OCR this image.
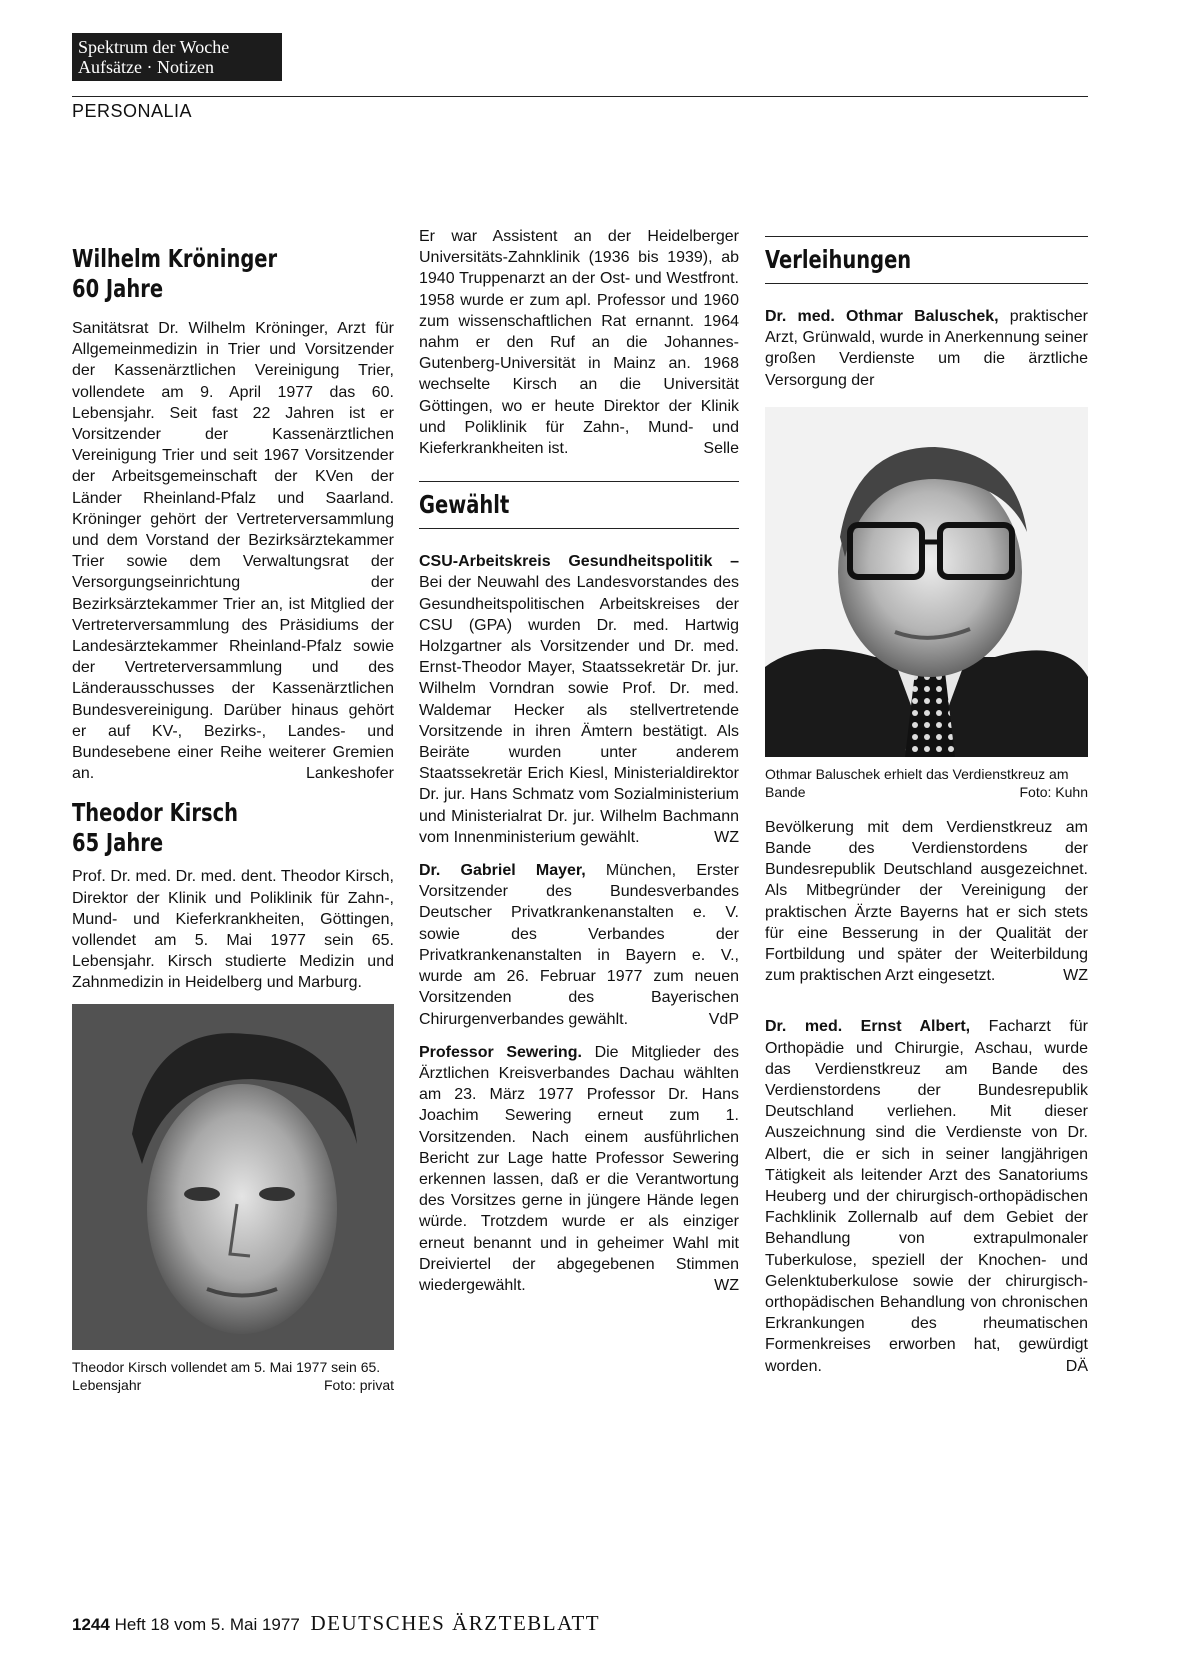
Spektrum der Woche
Aufsätze · Notizen
PERSONALIA
Wilhelm Kröninger
60 Jahre

Sanitätsrat Dr. Wilhelm Kröninger, Arzt für Allgemeinmedizin in Trier und Vorsitzender der Kassenärztlichen Vereinigung Trier, vollendete am 9. April 1977 das 60. Lebensjahr. Seit fast 22 Jahren ist er Vorsitzender der Kassenärztlichen Vereinigung Trier und seit 1967 Vorsitzender der Arbeitsgemeinschaft der KVen der Länder Rheinland-Pfalz und Saarland. Kröninger gehört der Vertreterversammlung und dem Vorstand der Bezirksärztekammer Trier sowie dem Verwaltungsrat der Versorgungseinrichtung der Bezirksärztekammer Trier an, ist Mitglied der Vertreterversammlung des Präsidiums der Landesärztekammer Rheinland-Pfalz sowie der Vertreterversammlung und des Länderausschusses der Kassenärztlichen Bundesvereinigung. Darüber hinaus gehört er auf KV-, Bezirks-, Landes- und Bundesebene einer Reihe weiterer Gremien an.	Lankeshofer

Theodor Kirsch
65 Jahre

Prof. Dr. med. Dr. med. dent. Theodor Kirsch, Direktor der Klinik und Poliklinik für Zahn-, Mund- und Kieferkrankheiten, Göttingen, vollendet am 5. Mai 1977 sein 65. Lebensjahr. Kirsch studierte Medizin und Zahnmedizin in Heidelberg und Marburg.

Theodor Kirsch vollendet am 5. Mai 1977 sein 65. Lebensjahr	Foto: privat

Er war Assistent an der Heidelberger Universitäts-Zahnklinik (1936 bis 1939), ab 1940 Truppenarzt an der Ost- und Westfront. 1958 wurde er zum apl. Professor und 1960 zum wissenschaftlichen Rat ernannt. 1964 nahm er den Ruf an die Johannes-Gutenberg-Universität in Mainz an. 1968 wechselte Kirsch an die Universität Göttingen, wo er heute Direktor der Klinik und Poliklinik für Zahn-, Mund- und Kieferkrankheiten ist.	Selle

Gewählt

CSU-Arbeitskreis Gesundheitspolitik – Bei der Neuwahl des Landesvorstandes des Gesundheitspolitischen Arbeitskreises der CSU (GPA) wurden Dr. med. Hartwig Holzgartner als Vorsitzender und Dr. med. Ernst-Theodor Mayer, Staatssekretär Dr. jur. Wilhelm Vorndran sowie Prof. Dr. med. Waldemar Hecker als stellvertretende Vorsitzende in ihren Ämtern bestätigt. Als Beiräte wurden unter anderem Staatssekretär Erich Kiesl, Ministerialdirektor Dr. jur. Hans Schmatz vom Sozialministerium und Ministerialrat Dr. jur. Wilhelm Bachmann vom Innenministerium gewählt.	WZ

Dr. Gabriel Mayer, München, Erster Vorsitzender des Bundesverbandes Deutscher Privatkrankenanstalten e. V. sowie des Verbandes der Privatkrankenanstalten in Bayern e. V., wurde am 26. Februar 1977 zum neuen Vorsitzenden des Bayerischen Chirurgenverbandes gewählt.	VdP

Professor Sewering. Die Mitglieder des Ärztlichen Kreisverbandes Dachau wählten am 23. März 1977 Professor Dr. Hans Joachim Sewering erneut zum 1. Vorsitzenden. Nach einem ausführlichen Bericht zur Lage hatte Professor Sewering erkennen lassen, daß er die Verantwortung des Vorsitzes gerne in jüngere Hände legen würde. Trotzdem wurde er als einziger erneut benannt und in geheimer Wahl mit Dreiviertel der abgegebenen Stimmen wiedergewählt.	WZ

Verleihungen

Dr. med. Othmar Baluschek, praktischer Arzt, Grünwald, wurde in Anerkennung seiner großen Verdienste um die ärztliche Versorgung der

Othmar Baluschek erhielt das Verdienstkreuz am Bande	Foto: Kuhn

Bevölkerung mit dem Verdienstkreuz am Bande des Verdienstordens der Bundesrepublik Deutschland ausgezeichnet. Als Mitbegründer der Vereinigung der praktischen Ärzte Bayerns hat er sich stets für eine Besserung in der Qualität der Fortbildung und später der Weiterbildung zum praktischen Arzt eingesetzt.	WZ

Dr. med. Ernst Albert, Facharzt für Orthopädie und Chirurgie, Aschau, wurde das Verdienstkreuz am Bande des Verdienstordens der Bundesrepublik Deutschland verliehen. Mit dieser Auszeichnung sind die Verdienste von Dr. Albert, die er sich in seiner langjährigen Tätigkeit als leitender Arzt des Sanatoriums Heuberg und der chirurgisch-orthopädischen Fachklinik Zollernalb auf dem Gebiet der Behandlung von extrapulmonaler Tuberkulose, speziell der Knochen- und Gelenktuberkulose sowie der chirurgisch-orthopädischen Behandlung von chronischen Erkrankungen des rheumatischen Formenkreises erworben hat, gewürdigt worden.	DÄ

1244 Heft 18 vom 5. Mai 1977 DEUTSCHES ÄRZTEBLATT
